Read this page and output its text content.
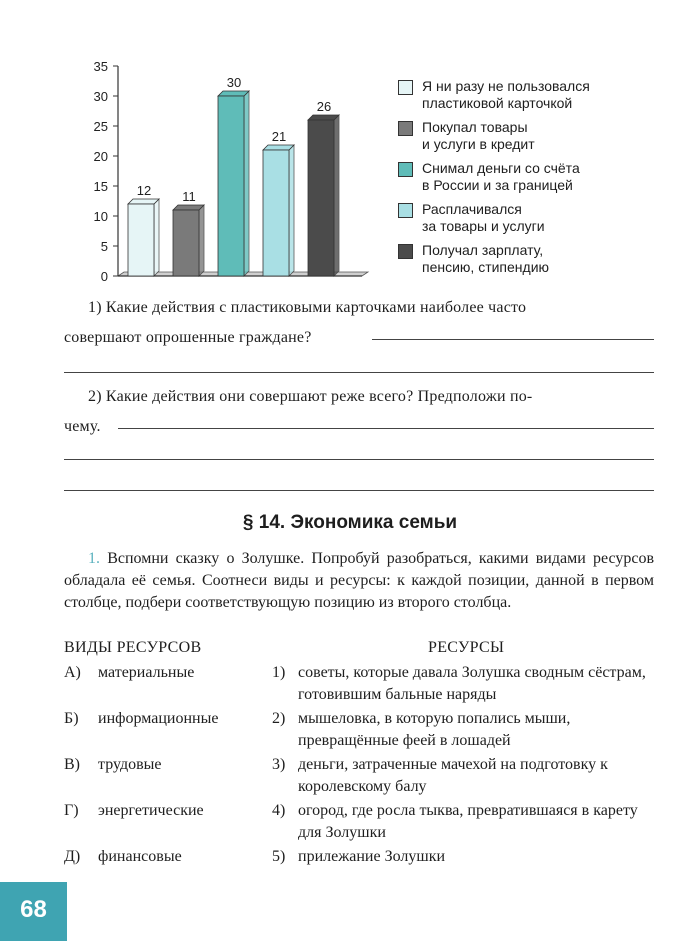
0
5
10
15
20
25
30
35
12 11
30
21
26
Я ни разу не пользовался
пластиковой карточкой
Покупал товары
и услуги в кредит
Снимал деньги со счёта
в России и за границей
Расплачивался
за товары и услуги
Получал зарплату,
пенсию, стипендию
1) Какие действия с пластиковыми карточками наиболее часто
совершают опрошенные граждане?
2) Какие действия они совершают реже всего? Предположи по-
чему.
§ 14. Экономика семьи
1. Вспомни сказку о Золушке. Попробуй разобраться, какими видами ресурсов обладала её семья. Соотнеси виды и ресурсы: к каждой позиции, данной в первом столбце, подбери соответствующую позицию из второго столбца.
ВИДЫ РЕСУРСОВ	РЕСУРСЫ
А) материальные
Б) информационные
В) трудовые
Г) энергетические
Д) финансовые
1) советы, которые давала Золушка сводным сёстрам, готовившим бальные наряды
2) мышеловка, в которую попались мыши, превращённые феей в лошадей
3) деньги, затраченные мачехой на подготовку к королевскому балу
4) огород, где росла тыква, превратившаяся в карету для Золушки
5) прилежание Золушки
68
